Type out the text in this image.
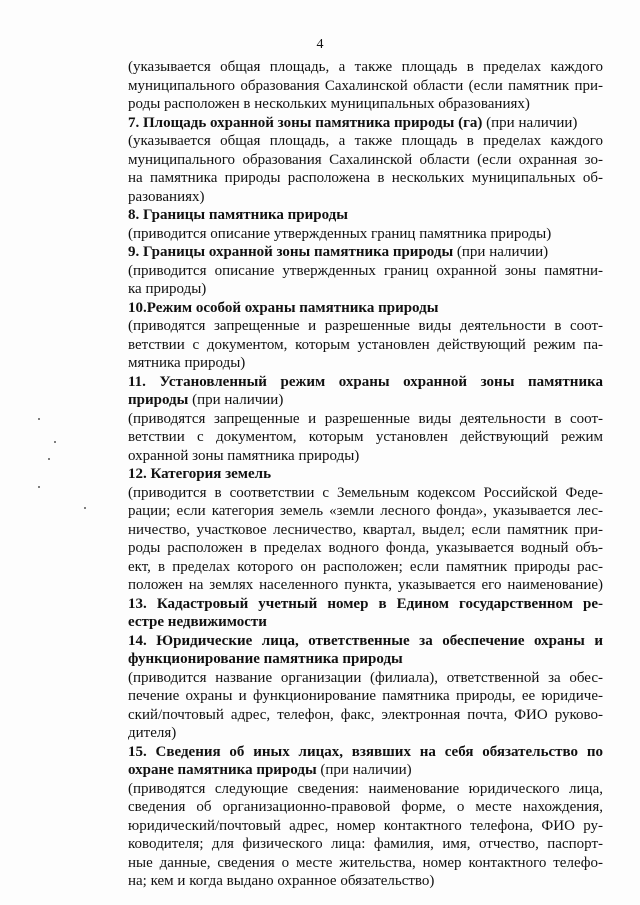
4
(указывается общая площадь, а также площадь в пределах каждого
муниципального образования Сахалинской области (если памятник при-
роды расположен в нескольких муниципальных образованиях)
7. Площадь охранной зоны памятника природы (га) (при наличии)
(указывается общая площадь, а также площадь в пределах каждого
муниципального образования Сахалинской области (если охранная зо-
на памятника природы расположена в нескольких муниципальных об-
разованиях)
8. Границы памятника природы
(приводится описание утвержденных границ памятника природы)
9. Границы охранной зоны памятника природы (при наличии)
(приводится описание утвержденных границ охранной зоны памятни-
ка природы)
10.Режим особой охраны памятника природы
(приводятся запрещенные и разрешенные виды деятельности в соот-
ветствии с документом, которым установлен действующий режим па-
мятника природы)
11. Установленный режим охраны охранной зоны памятника
природы (при наличии)
(приводятся запрещенные и разрешенные виды деятельности в соот-
ветствии с документом, которым установлен действующий режим
охранной зоны памятника природы)
12. Категория земель
(приводится в соответствии с Земельным кодексом Российской Феде-
рации; если категория земель «земли лесного фонда», указывается лес-
ничество, участковое лесничество, квартал, выдел; если памятник при-
роды расположен в пределах водного фонда, указывается водный объ-
ект, в пределах которого он расположен; если памятник природы рас-
положен на землях населенного пункта, указывается его наименование)
13. Кадастровый учетный номер в Едином государственном ре-
естре недвижимости
14. Юридические лица, ответственные за обеспечение охраны и
функционирование памятника природы
(приводится название организации (филиала), ответственной за обес-
печение охраны и функционирование памятника природы, ее юридиче-
ский/почтовый адрес, телефон, факс, электронная почта, ФИО руково-
дителя)
15. Сведения об иных лицах, взявших на себя обязательство по
охране памятника природы (при наличии)
(приводятся следующие сведения: наименование юридического лица,
сведения об организационно-правовой форме, о месте нахождения,
юридический/почтовый адрес, номер контактного телефона, ФИО ру-
ководителя; для физического лица: фамилия, имя, отчество, паспорт-
ные данные, сведения о месте жительства, номер контактного телефо-
на; кем и когда выдано охранное обязательство)
